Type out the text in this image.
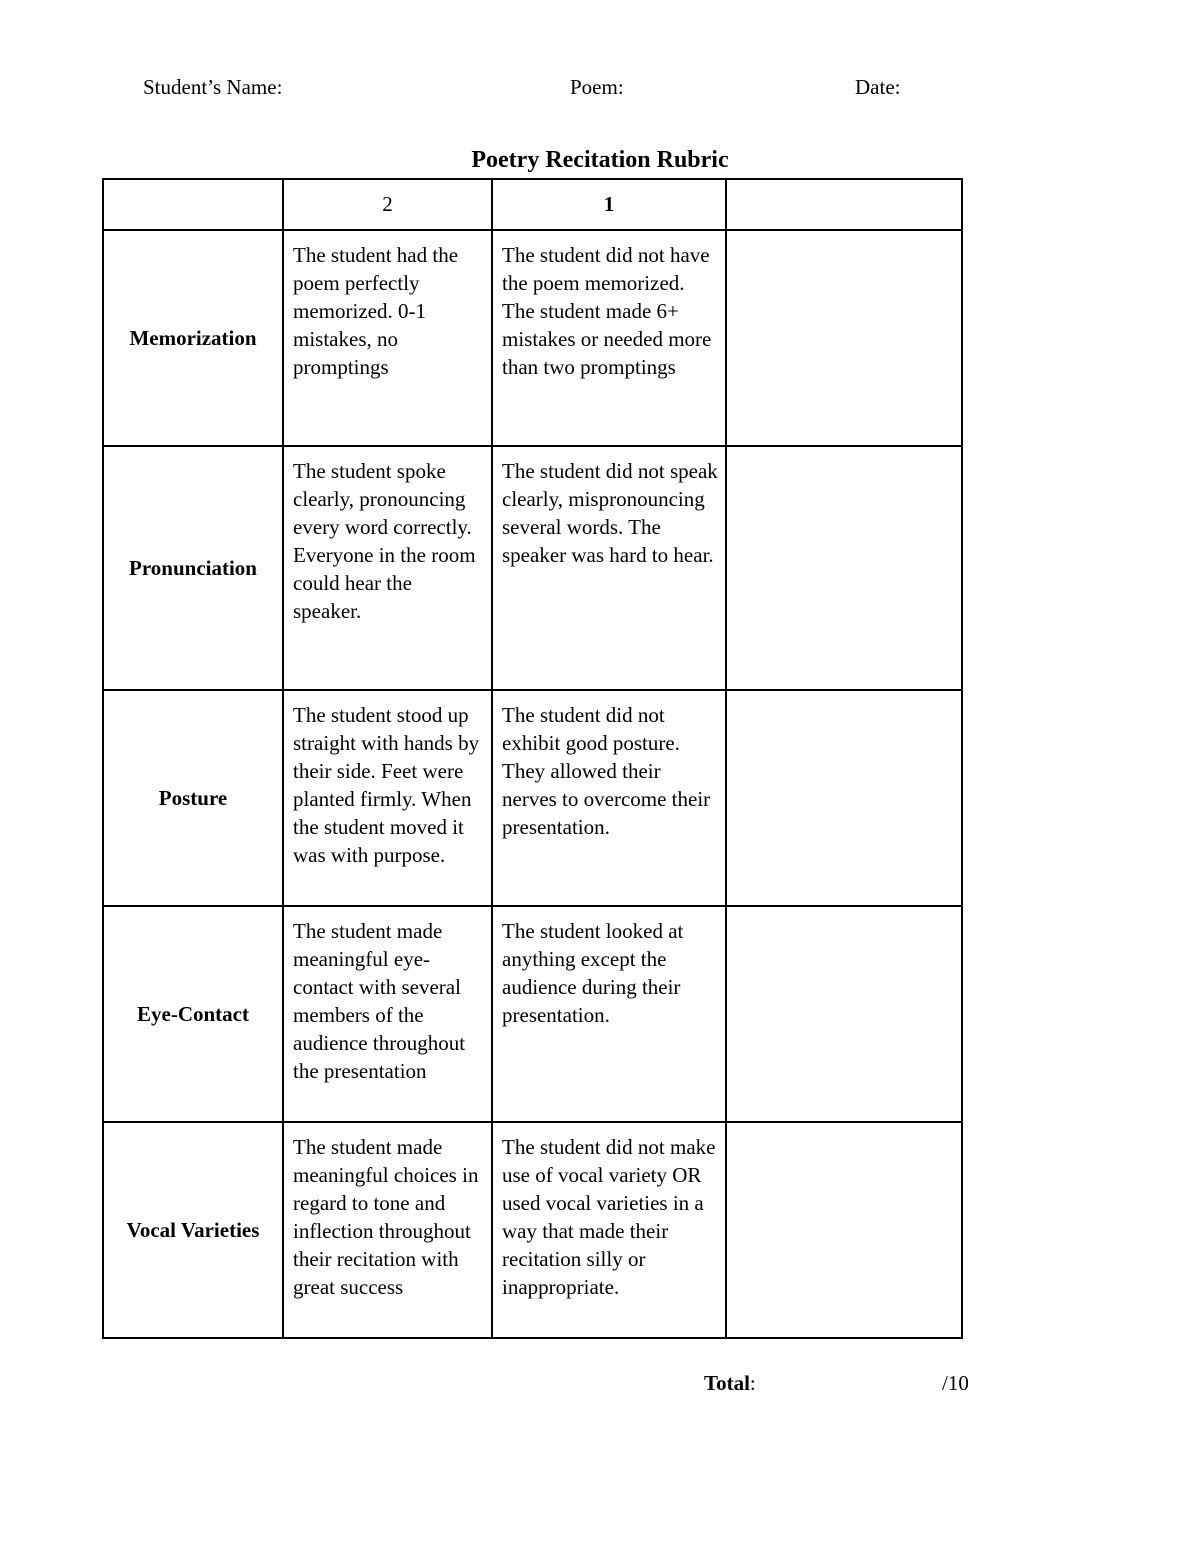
Student’s Name:	Poem:	Date:
Poetry Recitation Rubric
	2	1	
Memorization	The student had the poem perfectly memorized. 0-1 mistakes, no promptings	The student did not have the poem memorized. The student made 6+ mistakes or needed more than two promptings	
Pronunciation	The student spoke clearly, pronouncing every word correctly. Everyone in the room could hear the speaker.	The student did not speak clearly, mispronouncing several words. The speaker was hard to hear.	
Posture	The student stood up straight with hands by their side. Feet were planted firmly. When the student moved it was with purpose.	The student did not exhibit good posture. They allowed their nerves to overcome their presentation.	
Eye-Contact	The student made meaningful eye-contact with several members of the audience throughout the presentation	The student looked at anything except the audience during their presentation.	
Vocal Varieties	The student made meaningful choices in regard to tone and inflection throughout their recitation with great success	The student did not make use of vocal variety OR used vocal varieties in a way that made their recitation silly or inappropriate.	
Total:	/10
